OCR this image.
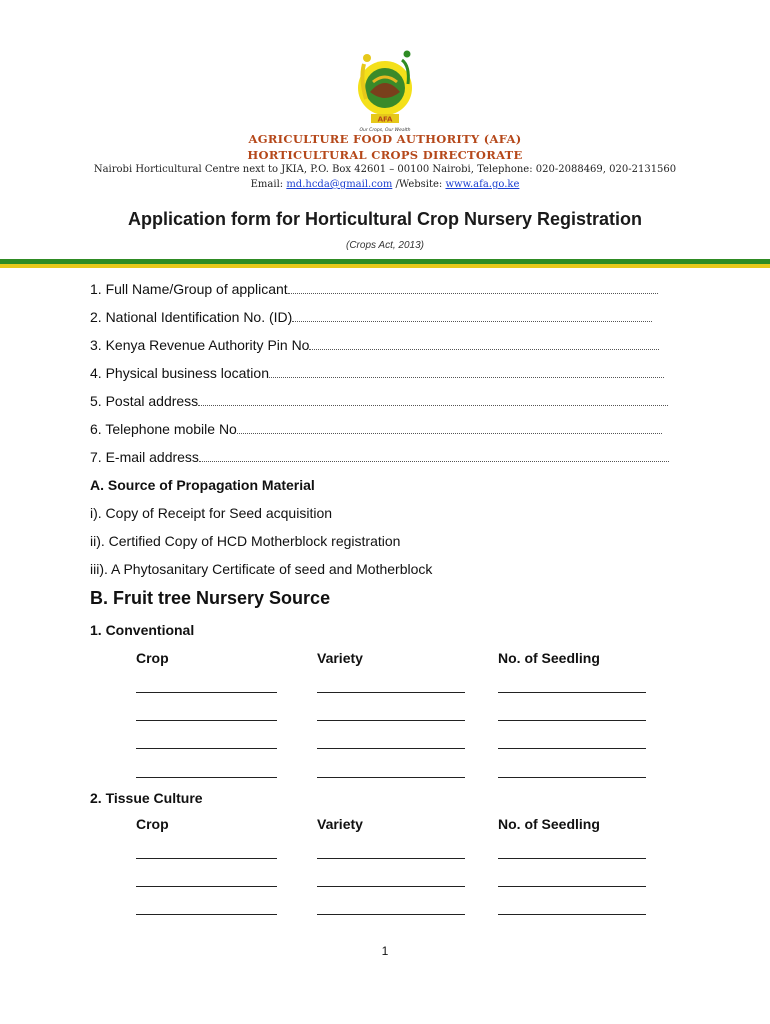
AFA
Our Crops, Our Wealth
AGRICULTURE FOOD AUTHORITY (AFA)
HORTICULTURAL CROPS DIRECTORATE
Nairobi Horticultural Centre next to JKIA, P.O. Box 42601 – 00100 Nairobi, Telephone: 020-2088469, 020-2131560
Email: md.hcda@gmail.com /Website: www.afa.go.ke
Application form for Horticultural Crop Nursery Registration
(Crops Act, 2013)
1. Full Name/Group of applicant
2. National Identification No. (ID)
3. Kenya Revenue Authority Pin No
4. Physical business location
5. Postal address
6. Telephone mobile No
7. E-mail address
A. Source of Propagation Material
i). Copy of Receipt for Seed acquisition
ii). Certified Copy of HCD Motherblock registration
iii). A Phytosanitary Certificate of seed and Motherblock
B. Fruit tree Nursery Source
1. Conventional
Crop	Variety	No. of Seedling
2. Tissue Culture
Crop	Variety	No. of Seedling
1
